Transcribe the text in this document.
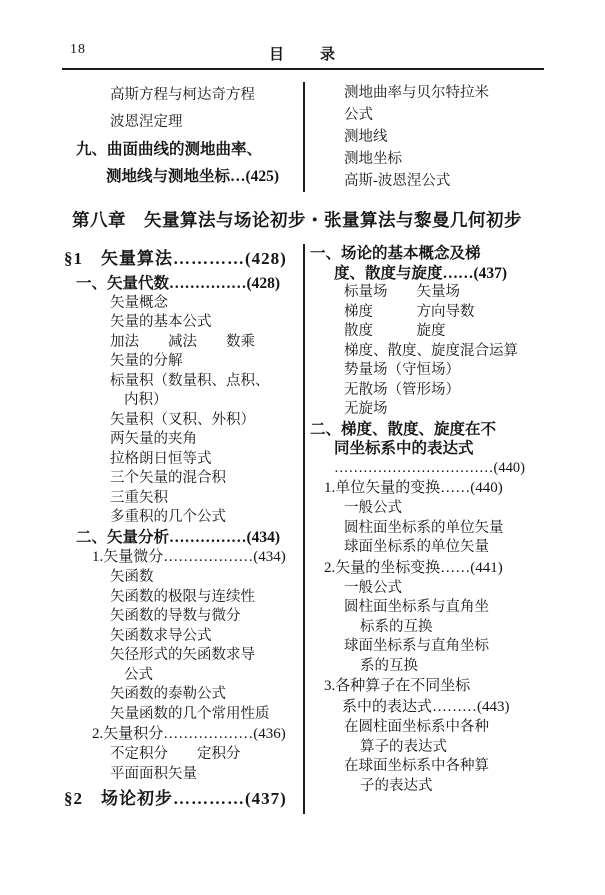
18	目　　录
高斯方程与柯达奇方程
波恩涅定理
九、曲面曲线的测地曲率、
测地线与测地坐标…(425)
测地曲率与贝尔特拉米
公式
测地线
测地坐标
高斯-波恩涅公式
第八章　矢量算法与场论初步・张量算法与黎曼几何初步
§1　矢量算法…………(428)
一、矢量代数……………(428)
矢量概念
矢量的基本公式
加法　　减法　　数乘
矢量的分解
标量积（数量积、点积、
内积）
矢量积（叉积、外积）
两矢量的夹角
拉格朗日恒等式
三个矢量的混合积
三重矢积
多重积的几个公式
二、矢量分析……………(434)
1.矢量微分………………(434)
矢函数
矢函数的极限与连续性
矢函数的导数与微分
矢函数求导公式
矢径形式的矢函数求导
公式
矢函数的泰勒公式
矢量函数的几个常用性质
2.矢量积分………………(436)
不定积分　　定积分
平面面积矢量
§2　场论初步…………(437)
一、场论的基本概念及梯
度、散度与旋度……(437)
标量场　　矢量场
梯度　　　方向导数
散度　　　旋度
梯度、散度、旋度混合运算
势量场（守恒场）
无散场（管形场）
无旋场
二、梯度、散度、旋度在不
同坐标系中的表达式
……………………………(440)
1.单位矢量的变换……(440)
一般公式
圆柱面坐标系的单位矢量
球面坐标系的单位矢量
2.矢量的坐标变换……(441)
一般公式
圆柱面坐标系与直角坐
标系的互换
球面坐标系与直角坐标
系的互换
3.各种算子在不同坐标
系中的表达式………(443)
在圆柱面坐标系中各种
算子的表达式
在球面坐标系中各种算
子的表达式
